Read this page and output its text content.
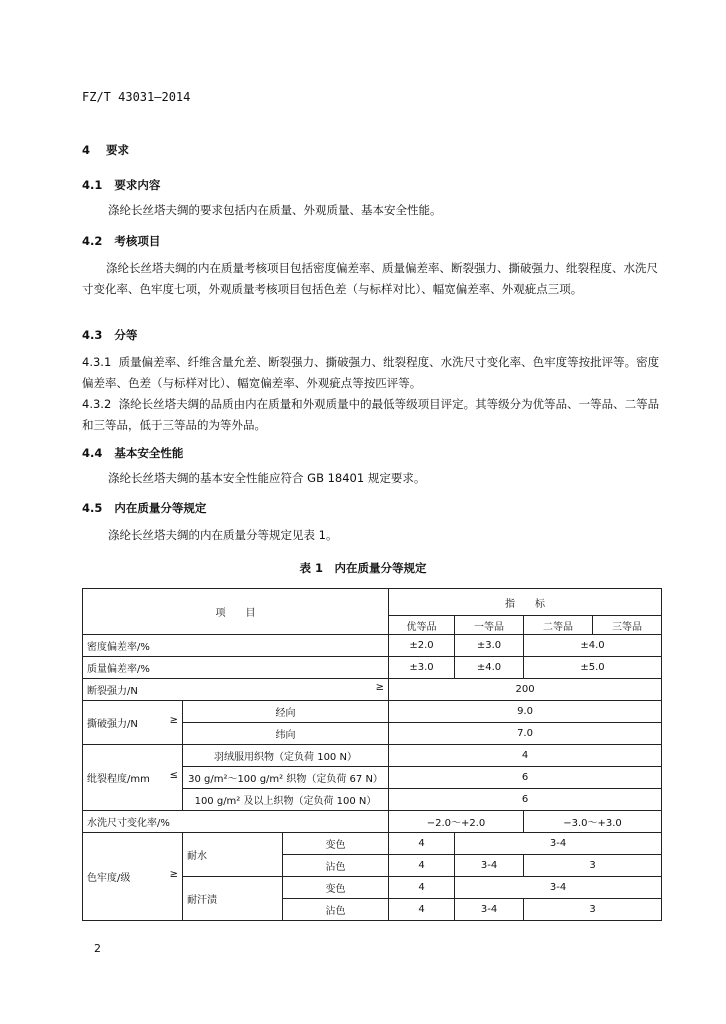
FZ/T 43031—2014
4 要求
4.1 要求内容
涤纶长丝塔夫绸的要求包括内在质量、外观质量、基本安全性能。
4.2 考核项目
涤纶长丝塔夫绸的内在质量考核项目包括密度偏差率、质量偏差率、断裂强力、撕破强力、纰裂程度、水洗尺寸变化率、色牢度七项，外观质量考核项目包括色差（与标样对比）、幅宽偏差率、外观疵点三项。
4.3 分等
4.3.1 质量偏差率、纤维含量允差、断裂强力、撕破强力、纰裂程度、水洗尺寸变化率、色牢度等按批评等。密度偏差率、色差（与标样对比）、幅宽偏差率、外观疵点等按匹评等。
4.3.2 涤纶长丝塔夫绸的品质由内在质量和外观质量中的最低等级项目评定。其等级分为优等品、一等品、二等品和三等品，低于三等品的为等外品。
4.4 基本安全性能
涤纶长丝塔夫绸的基本安全性能应符合 GB 18401 规定要求。
4.5 内在质量分等规定
涤纶长丝塔夫绸的内在质量分等规定见表 1。
表 1　内在质量分等规定
项　　目			指　　标			
			优等品	一等品	二等品	三等品
密度偏差率/%			±2.0	±3.0	±4.0	
质量偏差率/%			±3.0	±4.0	±5.0	
断裂强力/N ≥			200			
撕破强力/N ≥	经向		9.0			
	纬向		7.0			
纰裂程度/mm ≤	羽绒服用织物（定负荷 100 N）		4			
	30 g/m²～100 g/m² 织物（定负荷 67 N）		6			
	100 g/m² 及以上织物（定负荷 100 N）		6			
水洗尺寸变化率/%			−2.0～+2.0		−3.0～+3.0	
色牢度/级 ≥	耐水	变色	4	3-4		
		沾色	4	3-4	3	
	耐汗渍	变色	4	3-4		
		沾色	4	3-4	3	
2
